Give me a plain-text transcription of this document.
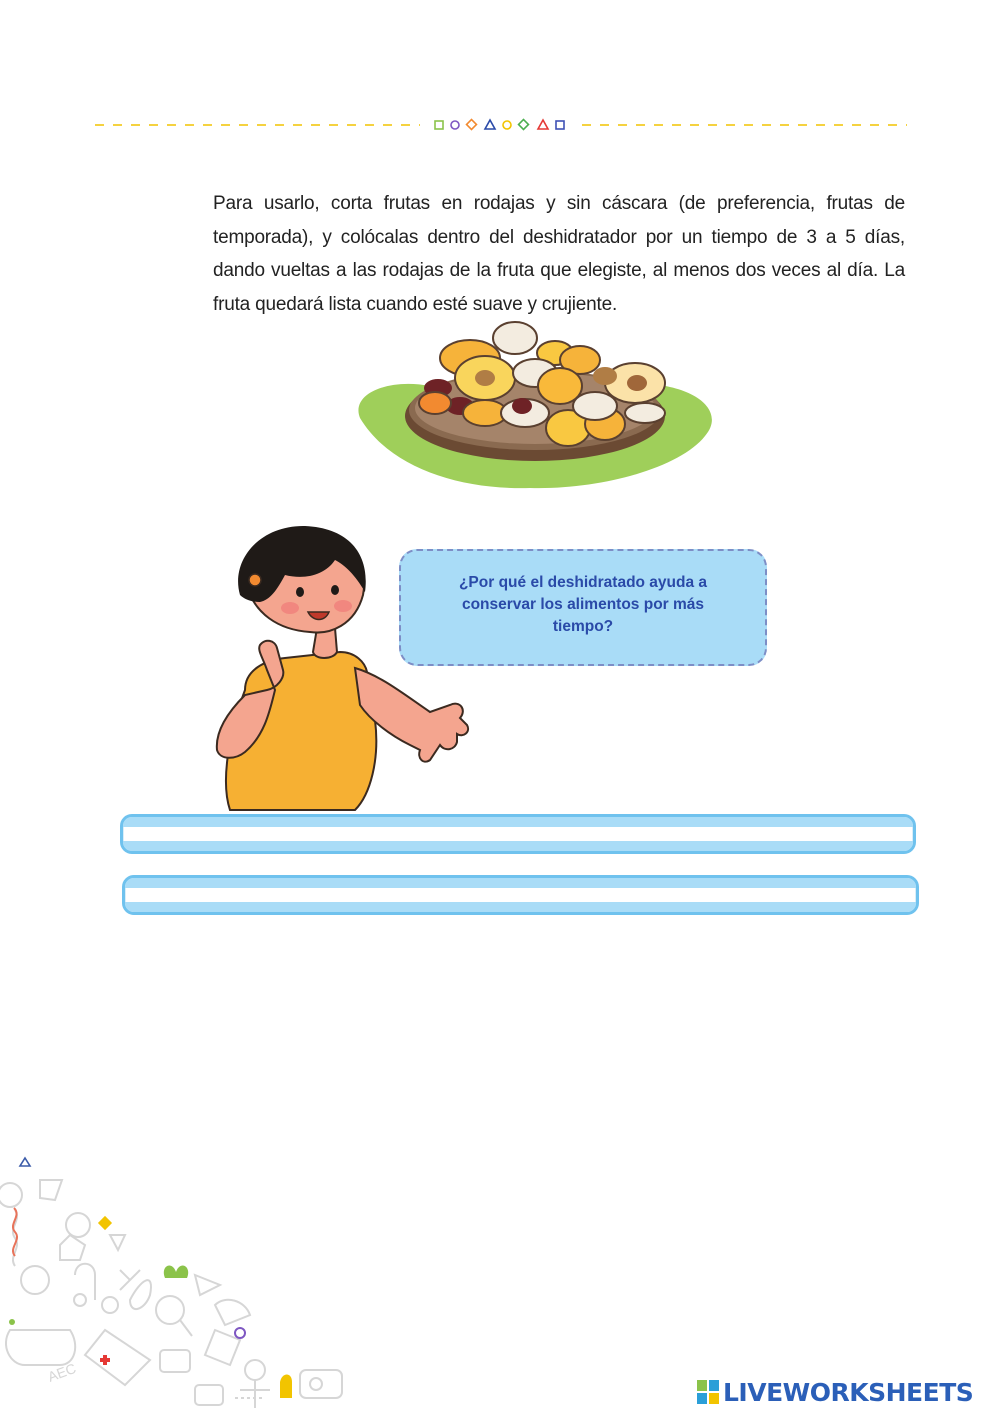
Para usarlo, corta frutas en rodajas y sin cáscara (de preferencia, frutas de temporada), y colócalas dentro del deshidratador por un tiempo de 3 a 5 días, dando vueltas a las rodajas de la fruta que elegiste, al menos dos veces al día. La fruta quedará lista cuando esté suave y crujiente.

¿Por qué el deshidratado ayuda a conservar los alimentos por más tiempo?
AEC
LIVEWORKSHEETS
